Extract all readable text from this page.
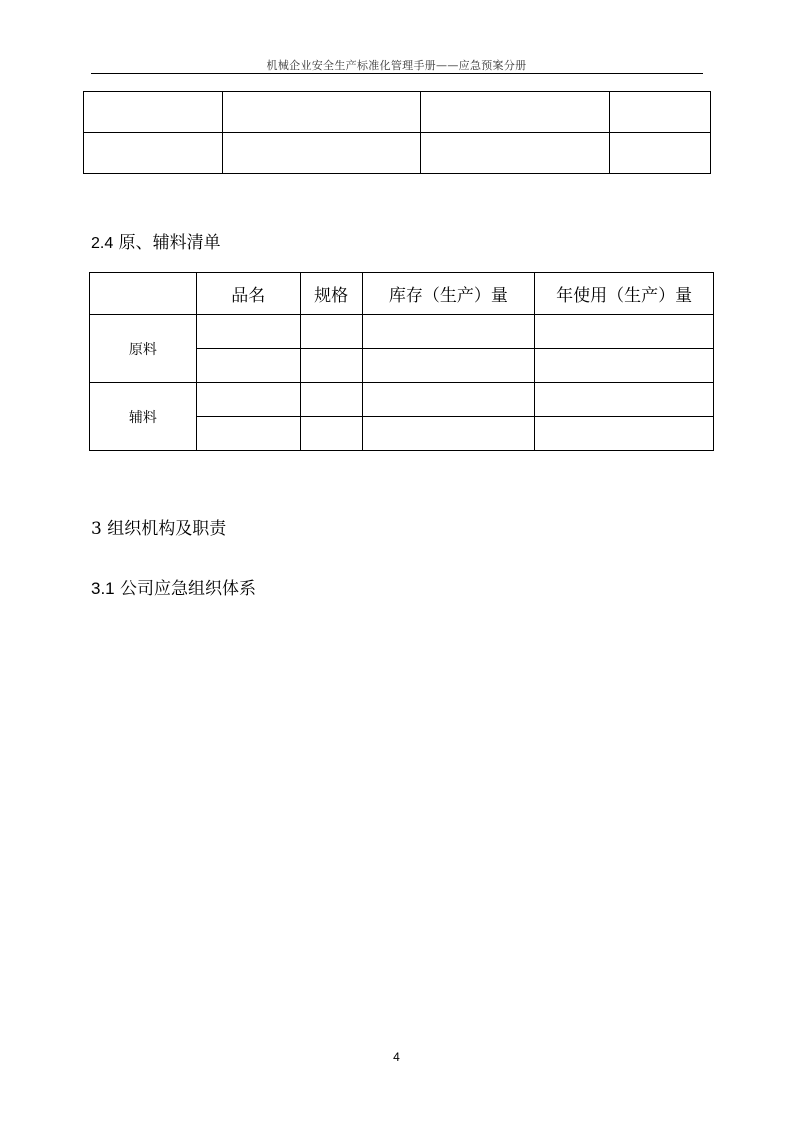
机械企业安全生产标准化管理手册——应急预案分册

2.4 原、辅料清单
	品名	规格	库存（生产）量	年使用（生产）量
原料				

辅料				

3 组织机构及职责
3.1 公司应急组织体系
4
